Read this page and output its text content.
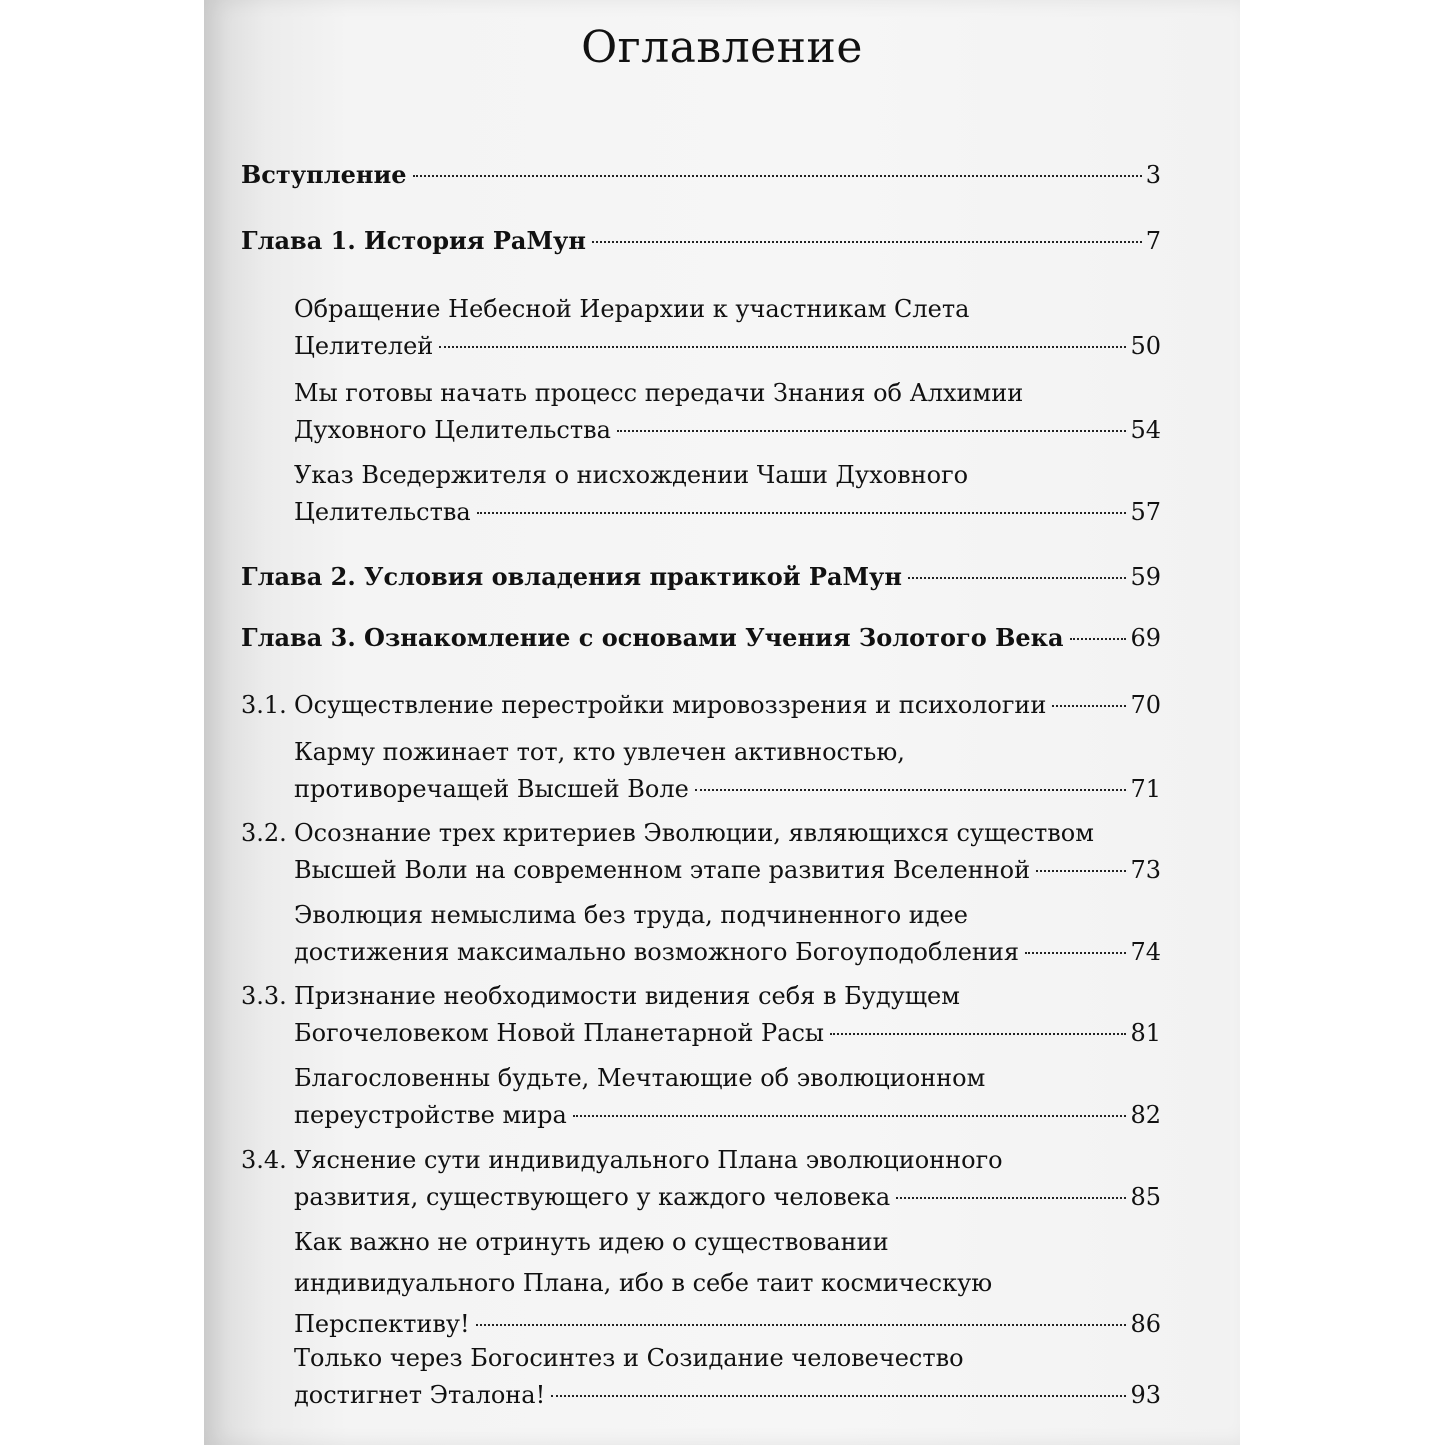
Оглавление
Вступление	3
Глава 1. История РаМун	7
Обращение Небесной Иерархии к участникам Слета
Целителей	50
Мы готовы начать процесс передачи Знания об Алхимии
Духовного Целительства	54
Указ Вседержителя о нисхождении Чаши Духовного
Целительства	57
Глава 2. Условия овладения практикой РаМун	59
Глава 3. Ознакомление с основами Учения Золотого Века	69
3.1. Осуществление перестройки мировоззрения и психологии	70
Карму пожинает тот, кто увлечен активностью,
противоречащей Высшей Воле	71
3.2. Осознание трех критериев Эволюции, являющихся существом
Высшей Воли на современном этапе развития Вселенной	73
Эволюция немыслима без труда, подчиненного идее
достижения максимально возможного Богоуподобления	74
3.3. Признание необходимости видения себя в Будущем
Богочеловеком Новой Планетарной Расы	81
Благословенны будьте, Мечтающие об эволюционном
переустройстве мира	82
3.4. Уяснение сути индивидуального Плана эволюционного
развития, существующего у каждого человека	85
Как важно не отринуть идею о существовании
индивидуального Плана, ибо в себе таит космическую
Перспективу!	86
Только через Богосинтез и Созидание человечество
достигнет Эталона!	93
